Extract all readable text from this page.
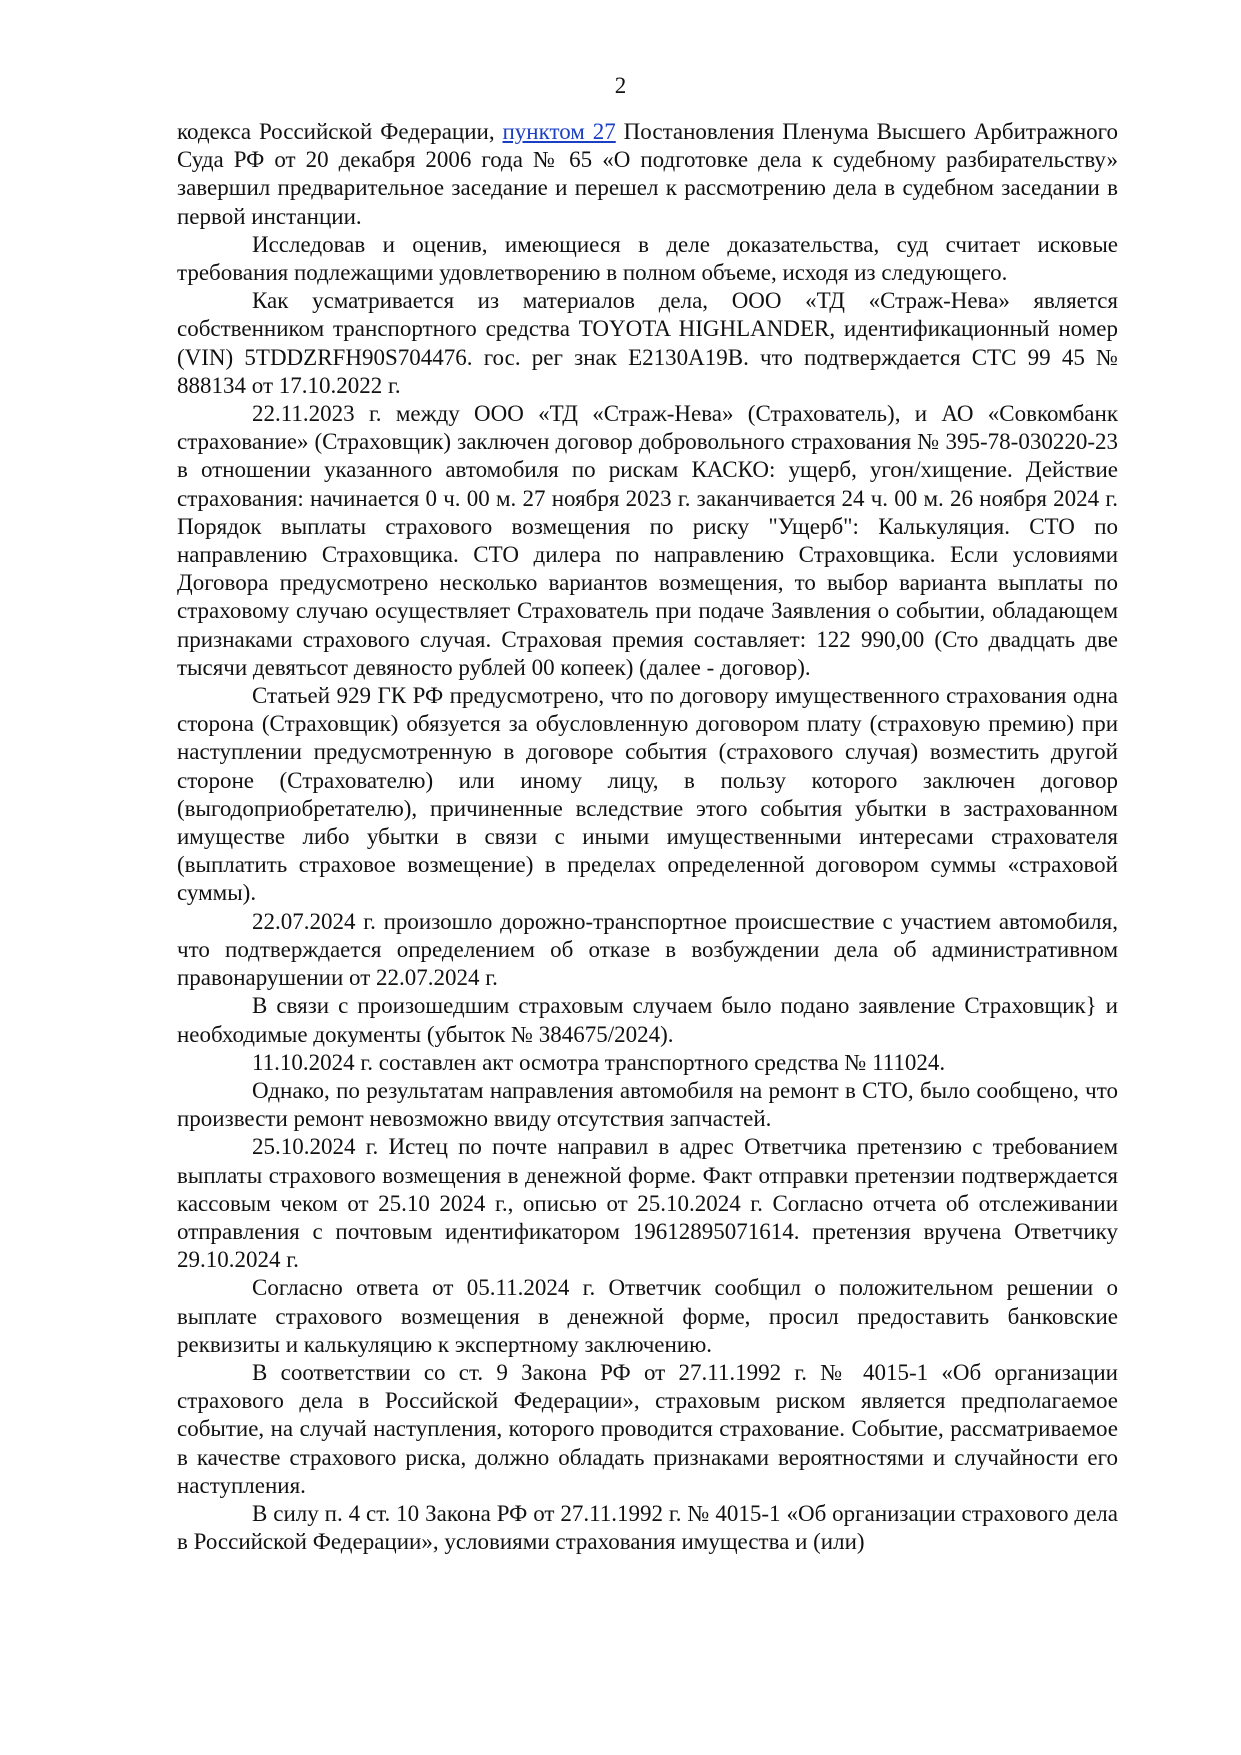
2

кодекса Российской Федерации, пунктом 27 Постановления Пленума Высшего Арбитражного Суда РФ от 20 декабря 2006 года № 65 «О подготовке дела к судебному разбирательству» завершил предварительное заседание и перешел к рассмотрению дела в судебном заседании в первой инстанции.

Исследовав и оценив, имеющиеся в деле доказательства, суд считает исковые требования подлежащими удовлетворению в полном объеме, исходя из следующего.

Как усматривается из материалов дела, ООО «ТД «Страж-Нева» является собственником транспортного средства TOYOTA HIGHLANDER, идентификационный номер (VIN) 5TDDZRFH90S704476. гос. рег знак Е2130А19В. что подтверждается СТС 99 45 № 888134 от 17.10.2022 г.

22.11.2023 г. между ООО «ТД «Страж-Нева» (Страхователь), и АО «Совкомбанк страхование» (Страховщик) заключен договор добровольного страхования № 395-78-030220-23 в отношении указанного автомобиля по рискам КАСКО: ущерб, угон/хищение. Действие страхования: начинается 0 ч. 00 м. 27 ноября 2023 г. заканчивается 24 ч. 00 м. 26 ноября 2024 г. Порядок выплаты страхового возмещения по риску "Ущерб": Калькуляция. СТО по направлению Страховщика. СТО дилера по направлению Страховщика. Если условиями Договора предусмотрено несколько вариантов возмещения, то выбор варианта выплаты по страховому случаю осуществляет Страхователь при подаче Заявления о событии, обладающем признаками страхового случая. Страховая премия составляет: 122 990,00 (Сто двадцать две тысячи девятьсот девяносто рублей 00 копеек) (далее - договор).

Статьей 929 ГК РФ предусмотрено, что по договору имущественного страхования одна сторона (Страховщик) обязуется за обусловленную договором плату (страховую премию) при наступлении предусмотренную в договоре события (страхового случая) возместить другой стороне (Страхователю) или иному лицу, в пользу которого заключен договор (выгодоприобретателю), причиненные вследствие этого события убытки в застрахованном имуществе либо убытки в связи с иными имущественными интересами страхователя (выплатить страховое возмещение) в пределах определенной договором суммы «страховой суммы).

22.07.2024 г. произошло дорожно-транспортное происшествие с участием автомобиля, что подтверждается определением об отказе в возбуждении дела об административном правонарушении от 22.07.2024 г.

В связи с произошедшим страховым случаем было подано заявление Страховщик} и необходимые документы (убыток № 384675/2024).

11.10.2024 г. составлен акт осмотра транспортного средства № 111024.

Однако, по результатам направления автомобиля на ремонт в СТО, было сообщено, что произвести ремонт невозможно ввиду отсутствия запчастей.

25.10.2024 г. Истец по почте направил в адрес Ответчика претензию с требованием выплаты страхового возмещения в денежной форме. Факт отправки претензии подтверждается кассовым чеком от 25.10 2024 г., описью от 25.10.2024 г. Согласно отчета об отслеживании отправления с почтовым идентификатором 19612895071614. претензия вручена Ответчику 29.10.2024 г.

Согласно ответа от 05.11.2024 г. Ответчик сообщил о положительном решении о выплате страхового возмещения в денежной форме, просил предоставить банковские реквизиты и калькуляцию к экспертному заключению.

В соответствии со ст. 9 Закона РФ от 27.11.1992 г. № 4015-1 «Об организации страхового дела в Российской Федерации», страховым риском является предполагаемое событие, на случай наступления, которого проводится страхование. Событие, рассматриваемое в качестве страхового риска, должно обладать признаками вероятностями и случайности его наступления.

В силу п. 4 ст. 10 Закона РФ от 27.11.1992 г. № 4015-1 «Об организации страхового дела в Российской Федерации», условиями страхования имущества и (или)
